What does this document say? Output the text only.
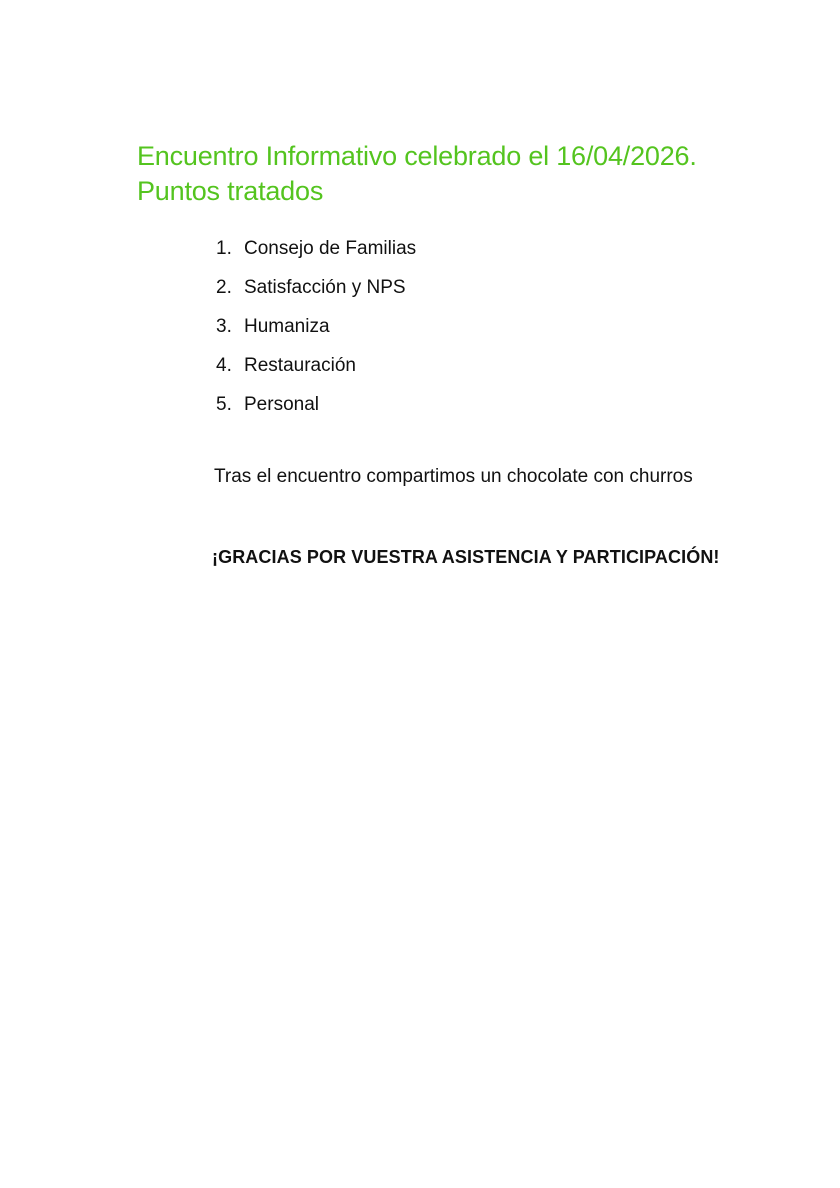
Encuentro Informativo celebrado el 16/04/2026.
Puntos tratados
1. Consejo de Familias
2. Satisfacción y NPS
3. Humaniza
4. Restauración
5. Personal

Tras el encuentro compartimos un chocolate con churros

¡GRACIAS POR VUESTRA ASISTENCIA Y PARTICIPACIÓN!
